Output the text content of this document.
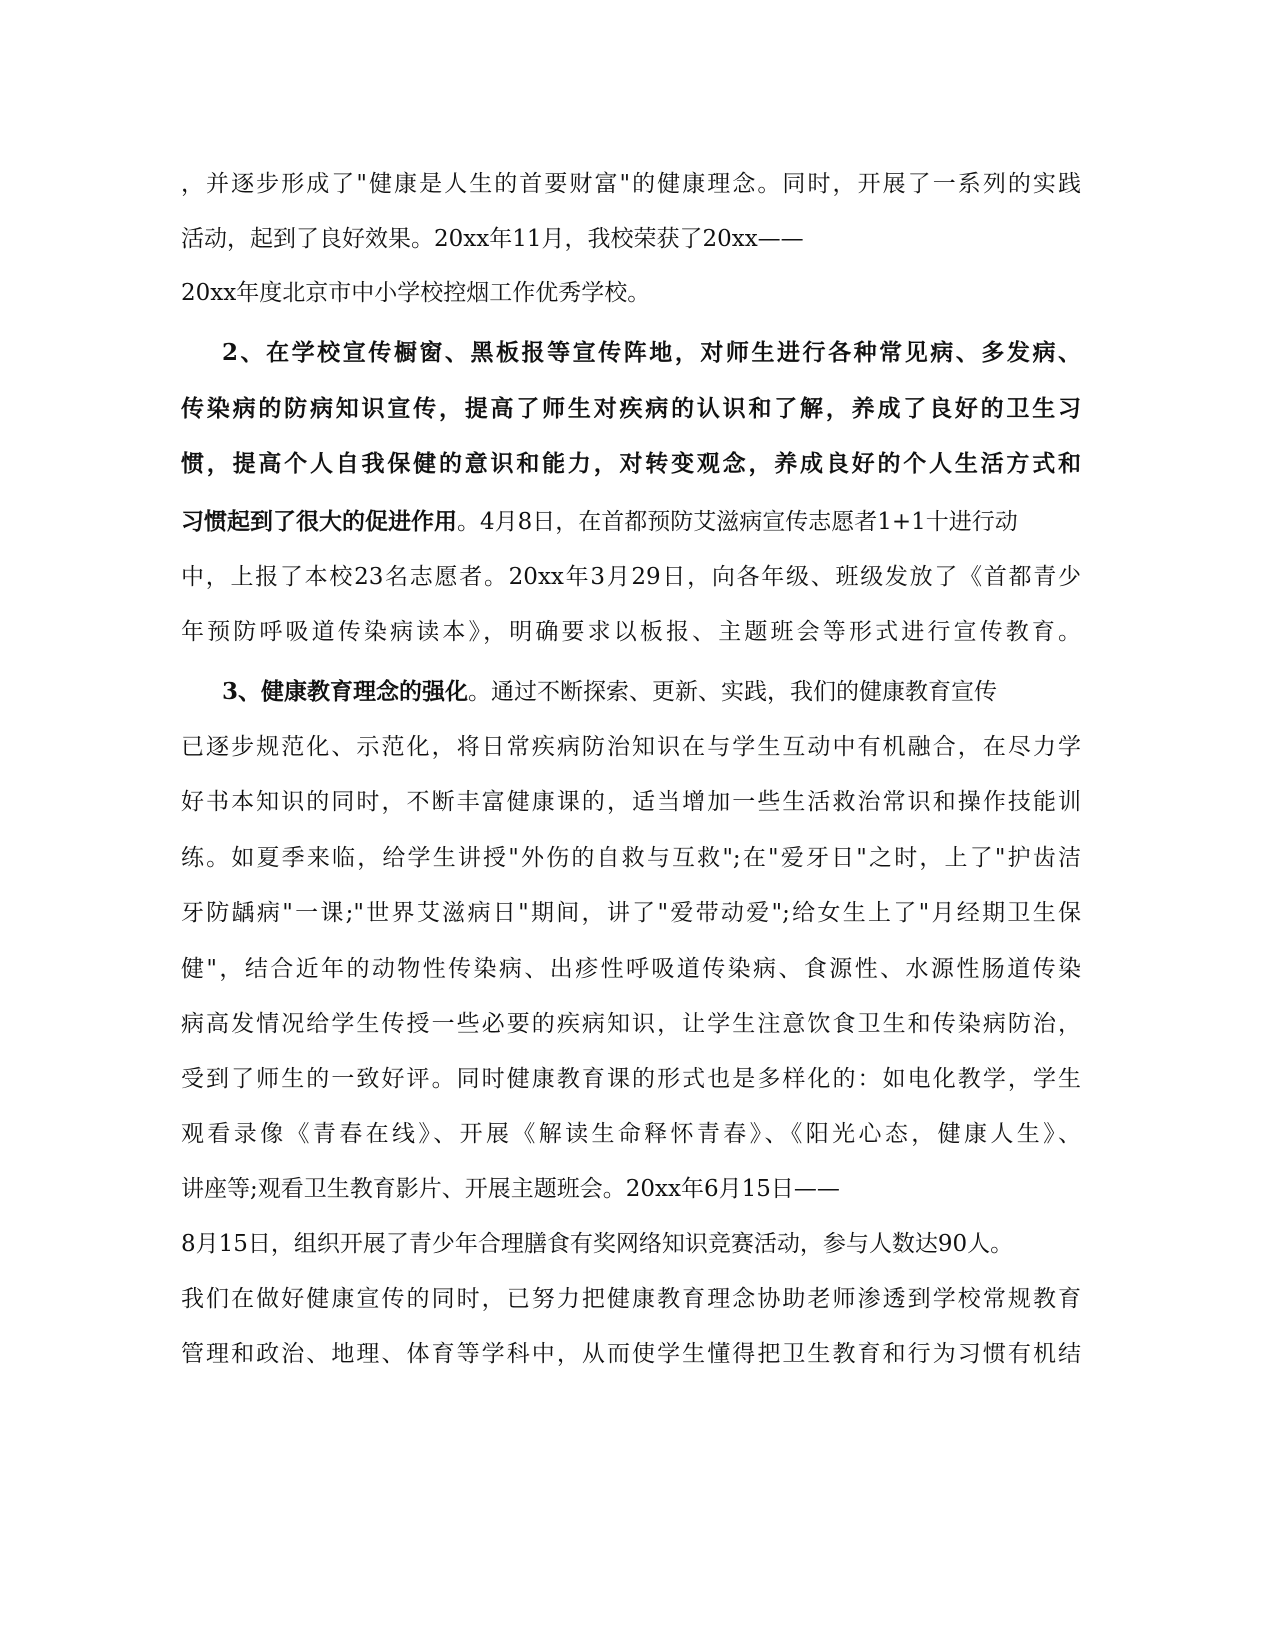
，并逐步形成了"健康是人生的首要财富"的健康理念。同时，开展了一系列的实践
活动，起到了良好效果。20xx年11月，我校荣获了20xx——
20xx年度北京市中小学校控烟工作优秀学校。
2、在学校宣传橱窗、黑板报等宣传阵地，对师生进行各种常见病、多发病、
传染病的防病知识宣传，提高了师生对疾病的认识和了解，养成了良好的卫生习
惯，提高个人自我保健的意识和能力，对转变观念，养成良好的个人生活方式和
习惯起到了很大的促进作用。4月8日，在首都预防艾滋病宣传志愿者1+1十进行动
中，上报了本校23名志愿者。20xx年3月29日，向各年级、班级发放了《首都青少
年预防呼吸道传染病读本》，明确要求以板报、主题班会等形式进行宣传教育。
3、健康教育理念的强化。通过不断探索、更新、实践，我们的健康教育宣传
已逐步规范化、示范化，将日常疾病防治知识在与学生互动中有机融合，在尽力学
好书本知识的同时，不断丰富健康课的，适当增加一些生活救治常识和操作技能训
练。如夏季来临，给学生讲授"外伤的自救与互救";在"爱牙日"之时，上了"护齿洁
牙防龋病"一课;"世界艾滋病日"期间，讲了"爱带动爱";给女生上了"月经期卫生保
健"，结合近年的动物性传染病、出疹性呼吸道传染病、食源性、水源性肠道传染
病高发情况给学生传授一些必要的疾病知识，让学生注意饮食卫生和传染病防治，
受到了师生的一致好评。同时健康教育课的形式也是多样化的：如电化教学，学生
观看录像《青春在线》、开展《解读生命释怀青春》、《阳光心态，健康人生》、
讲座等;观看卫生教育影片、开展主题班会。20xx年6月15日——
8月15日，组织开展了青少年合理膳食有奖网络知识竞赛活动，参与人数达90人。
我们在做好健康宣传的同时，已努力把健康教育理念协助老师渗透到学校常规教育
管理和政治、地理、体育等学科中，从而使学生懂得把卫生教育和行为习惯有机结
